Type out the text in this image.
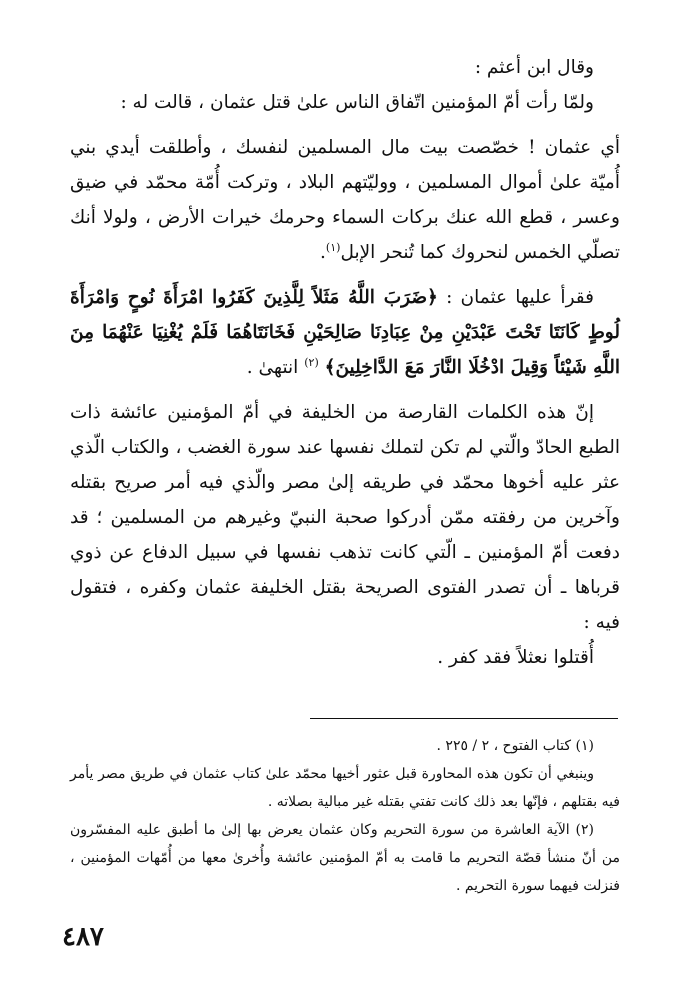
وقال ابن أعثم :

ولمّا رأت أمّ المؤمنين اتّفاق الناس علىٰ قتل عثمان ، قالت له :

أي عثمان ! خصّصت بيت مال المسلمين لنفسك ، وأطلقت أيدي بني أُميّة علىٰ أموال المسلمين ، ووليّتهم البلاد ، وتركت أُمّة محمّد في ضيق وعسر ، قطع الله عنك بركات السماء وحرمك خيرات الأرض ، ولولا أنك تصلّي الخمس لنحروك كما تُنحر الإبل$^{(١)}$.

فقرأ عليها عثمان : ﴿ضَرَبَ اللَّهُ مَثَلاً لِلَّذِينَ كَفَرُوا امْرَأَةَ نُوحٍ وَامْرَأَةَ لُوطٍ كَانَتَا تَحْتَ عَبْدَيْنِ مِنْ عِبَادِنَا صَالِحَيْنِ فَخَانَتَاهُمَا فَلَمْ يُغْنِيَا عَنْهُمَا مِنَ اللَّهِ شَيْئاً وَقِيلَ ادْخُلَا النَّارَ مَعَ الدَّاخِلِينَ﴾ $^{(٢)}$ انتهىٰ .

إنّ هذه الكلمات القارصة من الخليفة في أمّ المؤمنين عائشة ذات الطبع الحادّ والّتي لم تكن لتملك نفسها عند سورة الغضب ، والكتاب الّذي عثر عليه أخوها محمّد في طريقه إلىٰ مصر والّذي فيه أمر صريح بقتله وآخرين من رفقته ممّن أدركوا صحبة النبيّ وغيرهم من المسلمين ؛ قد دفعت أمّ المؤمنين ـ الّتي كانت تذهب نفسها في سبيل الدفاع عن ذوي قرباها ـ أن تصدر الفتوى الصريحة بقتل الخليفة عثمان وكفره ، فتقول فيه :

أُقتلوا نعثلاً فقد كفر .

(١) كتاب الفتوح ، ٢ / ٢٢٥ .

وينبغي أن تكون هذه المحاورة قبل عثور أخيها محمّد علىٰ كتاب عثمان في طريق مصر يأمر فيه بقتلهم ، فإنّها بعد ذلك كانت تفتي بقتله غير مبالية بصلاته .

(٢) الآية العاشرة من سورة التحريم وكان عثمان يعرض بها إلىٰ ما أطبق عليه المفسّرون من أنّ منشأ قصّة التحريم ما قامت به أمّ المؤمنين عائشة وأُخرىٰ معها من أُمّهات المؤمنين ، فنزلت فيهما سورة التحريم .

٤٨٧
